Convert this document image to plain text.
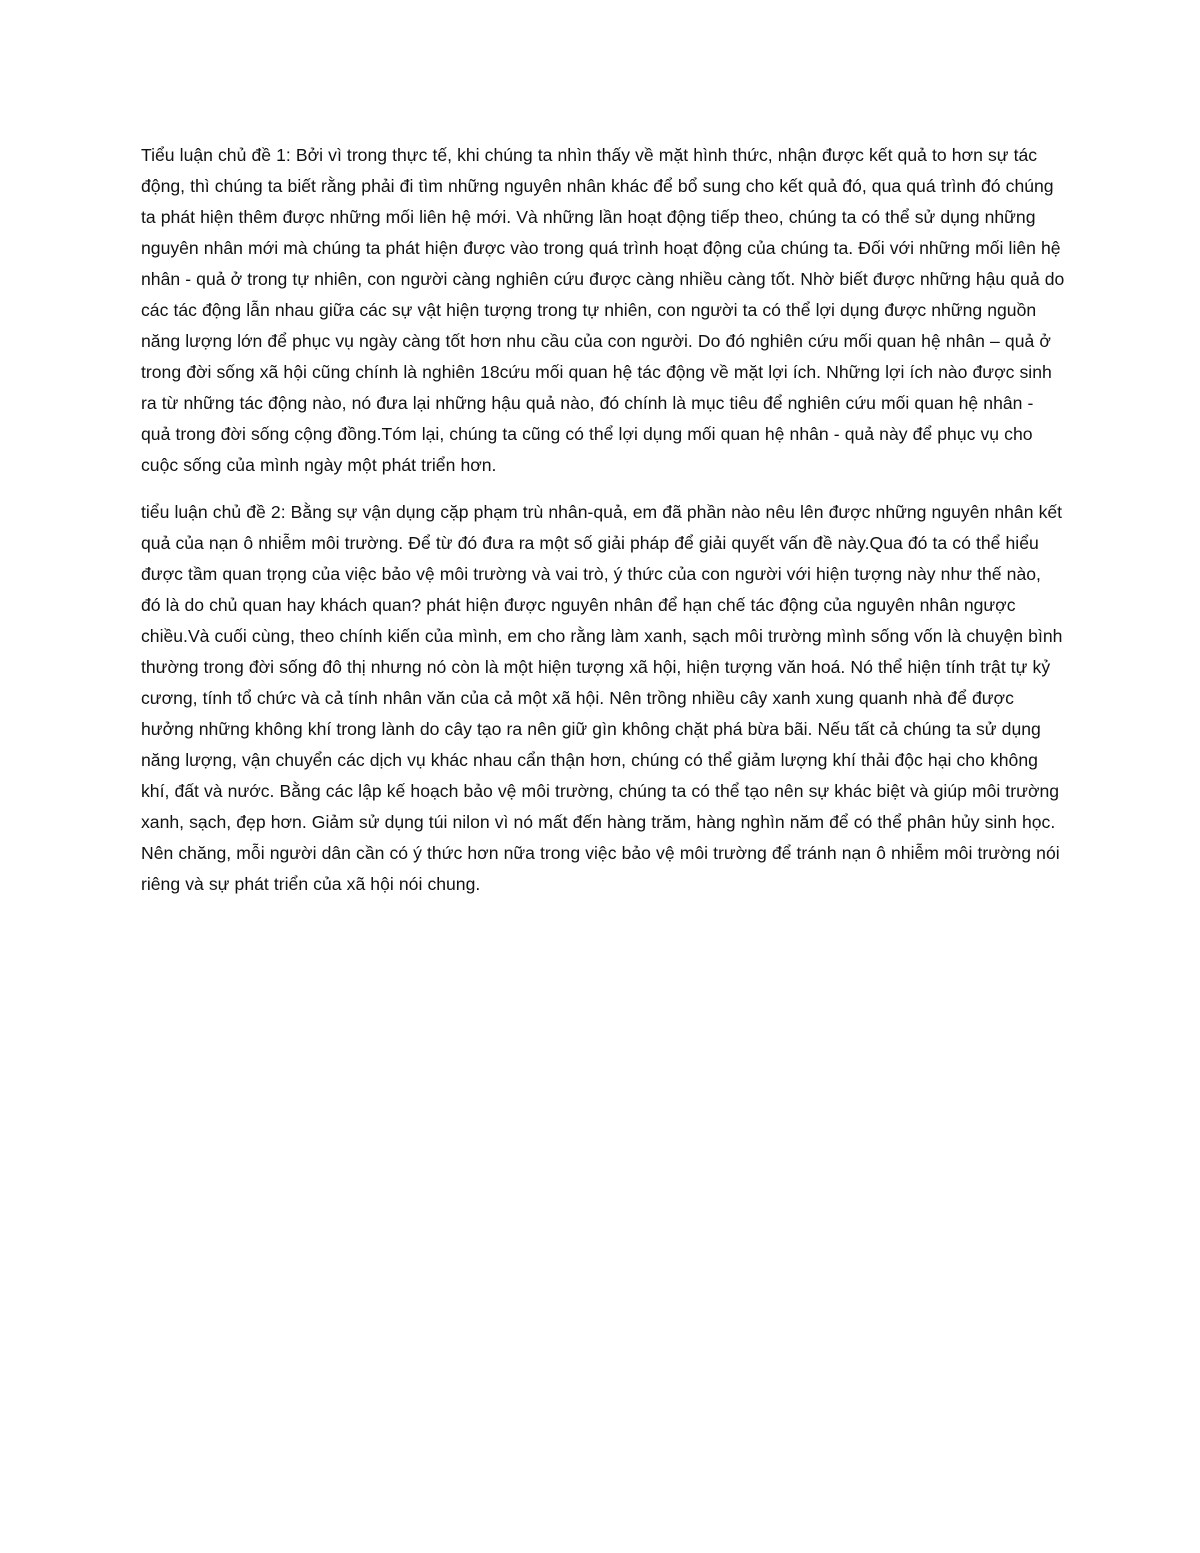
Tiểu luận chủ đề 1: Bởi vì trong thực tế, khi chúng ta nhìn thấy về mặt hình thức, nhận được kết quả to hơn sự tác động, thì chúng ta biết rằng phải đi tìm những nguyên nhân khác để bổ sung cho kết quả đó, qua quá trình đó chúng ta phát hiện thêm được những mối liên hệ mới. Và những lần hoạt động tiếp theo, chúng ta có thể sử dụng những nguyên nhân mới mà chúng ta phát hiện được vào trong quá trình hoạt động của chúng ta. Đối với những mối liên hệ nhân - quả ở trong tự nhiên, con người càng nghiên cứu được càng nhiều càng tốt. Nhờ biết được những hậu quả do các tác động lẫn nhau giữa các sự vật hiện tượng trong tự nhiên, con người ta có thể lợi dụng được những nguồn năng lượng lớn để phục vụ ngày càng tốt hơn nhu cầu của con người. Do đó nghiên cứu mối quan hệ nhân – quả ở trong đời sống xã hội cũng chính là nghiên 18cứu mối quan hệ tác động về mặt lợi ích. Những lợi ích nào được sinh ra từ những tác động nào, nó đưa lại những hậu quả nào, đó chính là mục tiêu để nghiên cứu mối quan hệ nhân - quả trong đời sống cộng đồng.Tóm lại, chúng ta cũng có thể lợi dụng mối quan hệ nhân - quả này để phục vụ cho cuộc sống của mình ngày một phát triển hơn.

tiểu luận chủ đề 2: Bằng sự vận dụng cặp phạm trù nhân-quả, em đã phần nào nêu lên được những nguyên nhân kết quả của nạn ô nhiễm môi trường. Để từ đó đưa ra một số giải pháp để giải quyết vấn đề này.Qua đó ta có thể hiểu được tầm quan trọng của việc bảo vệ môi trường và vai trò, ý thức của con người với hiện tượng này như thế nào, đó là do chủ quan hay khách quan? phát hiện được nguyên nhân để hạn chế tác động của nguyên nhân ngược chiều.Và cuối cùng, theo chính kiến của mình, em cho rằng làm xanh, sạch môi trường mình sống vốn là chuyện bình thường trong đời sống đô thị nhưng nó còn là một hiện tượng xã hội, hiện tượng văn hoá. Nó thể hiện tính trật tự kỷ cương, tính tổ chức và cả tính nhân văn của cả một xã hội. Nên trồng nhiều cây xanh xung quanh nhà để được hưởng những không khí trong lành do cây tạo ra nên giữ gìn không chặt phá bừa bãi. Nếu tất cả chúng ta sử dụng năng lượng, vận chuyển các dịch vụ khác nhau cẩn thận hơn, chúng có thể giảm lượng khí thải độc hại cho không khí, đất và nước. Bằng các lập kế hoạch bảo vệ môi trường, chúng ta có thể tạo nên sự khác biệt và giúp môi trường xanh, sạch, đẹp hơn. Giảm sử dụng túi nilon vì nó mất đến hàng trăm, hàng nghìn năm để có thể phân hủy sinh học. Nên chăng, mỗi người dân cần có ý thức hơn nữa trong việc bảo vệ môi trường để tránh nạn ô nhiễm môi trường nói riêng và sự phát triển của xã hội nói chung.
